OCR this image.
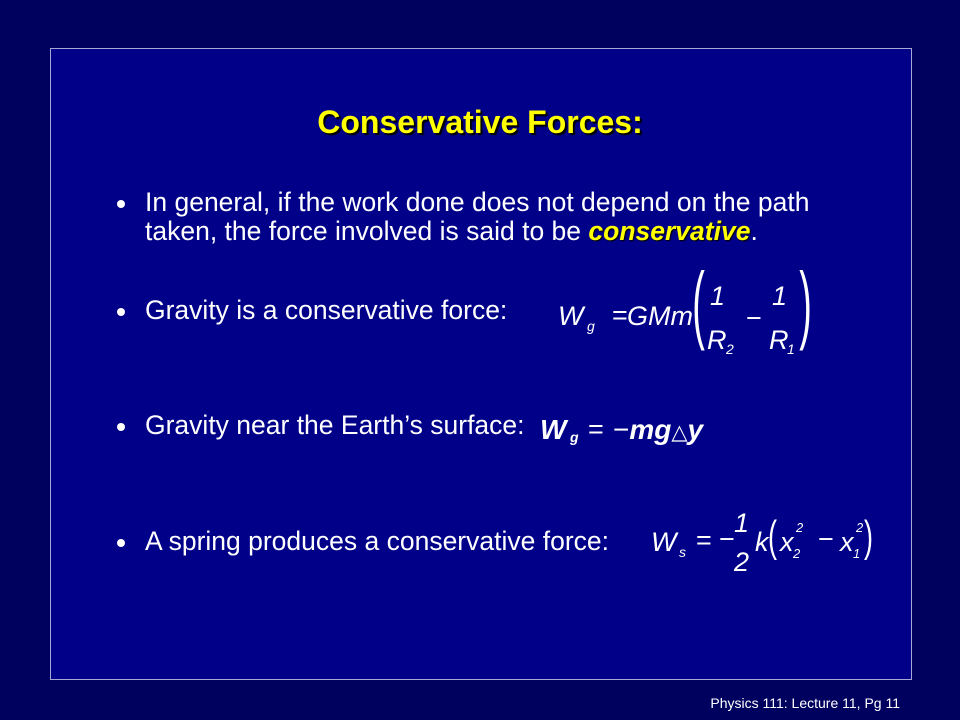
Conservative Forces:
In general, if the work done does not depend on the path
taken, the force involved is said to be conservative.
Gravity is a conservative force:
Gravity near the Earth’s surface:
A spring produces a conservative force:
W g = GMm ( 1
R 2
−
1
R
1 )
W g = −mg△y
W s = −
1
2
k ( x 2
2 − x 1
2 )
Physics 111: Lecture 11, Pg 11
